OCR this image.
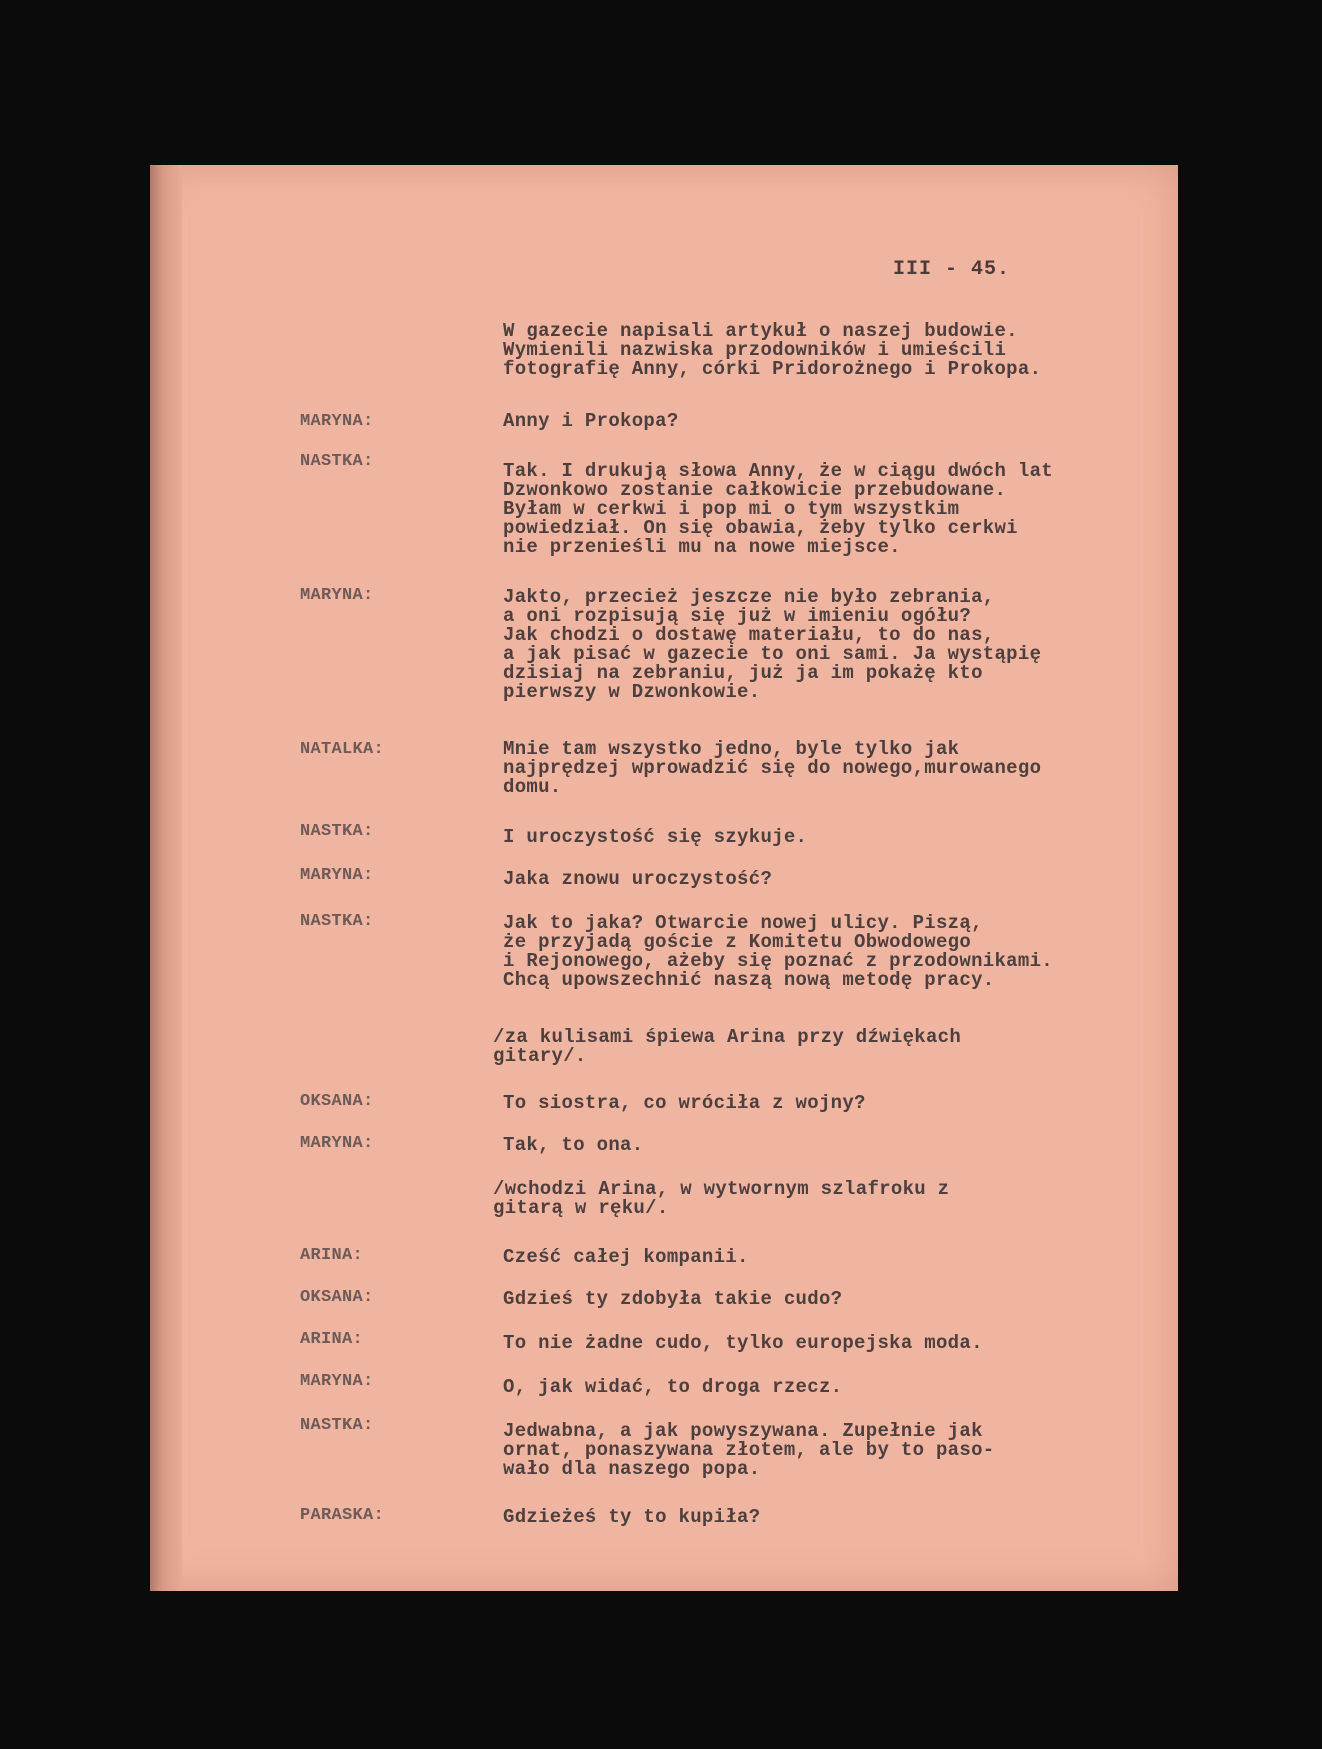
III - 45.
W gazecie napisali artykuł o naszej budowie.
Wymienili nazwiska przodowników i umieścili
fotografię Anny, córki Pridorożnego i Prokopa.
MARYNA:	Anny i Prokopa?
NASTKA:	Tak. I drukują słowa Anny, że w ciągu dwóch lat
Dzwonkowo zostanie całkowicie przebudowane.
Byłam w cerkwi i pop mi o tym wszystkim
powiedział. On się obawia, żeby tylko cerkwi
nie przenieśli mu na nowe miejsce.
MARYNA:	Jakto, przecież jeszcze nie było zebrania,
a oni rozpisują się już w imieniu ogółu?
Jak chodzi o dostawę materiału, to do nas,
a jak pisać w gazecie to oni sami. Ja wystąpię
dzisiaj na zebraniu, już ja im pokażę kto
pierwszy w Dzwonkowie.
NATALKA:	Mnie tam wszystko jedno, byle tylko jak
najprędzej wprowadzić się do nowego,murowanego
domu.
NASTKA:	I uroczystość się szykuje.
MARYNA:	Jaka znowu uroczystość?
NASTKA:	Jak to jaka? Otwarcie nowej ulicy. Piszą,
że przyjadą goście z Komitetu Obwodowego
i Rejonowego, ażeby się poznać z przodownikami.
Chcą upowszechnić naszą nową metodę pracy.
/za kulisami śpiewa Arina przy dźwiękach
gitary/.
OKSANA:	To siostra, co wróciła z wojny?
MARYNA:	Tak, to ona.
/wchodzi Arina, w wytwornym szlafroku z
gitarą w ręku/.
ARINA:	Cześć całej kompanii.
OKSANA:	Gdzieś ty zdobyła takie cudo?
ARINA:	To nie żadne cudo, tylko europejska moda.
MARYNA:	O, jak widać, to droga rzecz.
NASTKA:	Jedwabna, a jak powyszywana. Zupełnie jak
ornat, ponaszywana złotem, ale by to paso-
wało dla naszego popa.
PARASKA:	Gdzieżeś ty to kupiła?
